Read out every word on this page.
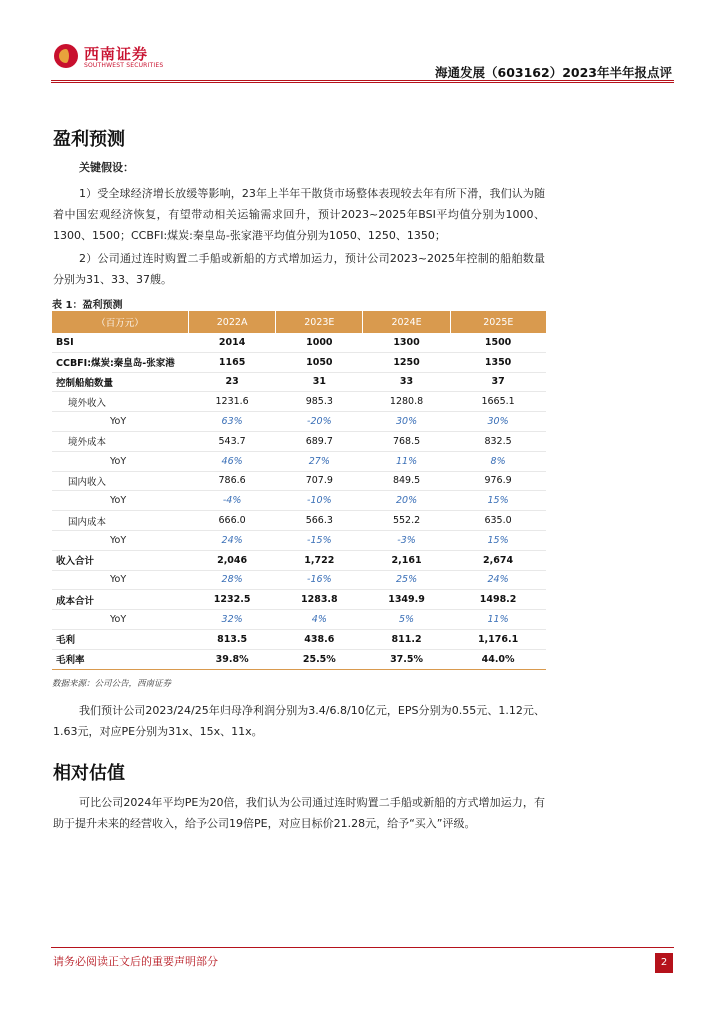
西南证券
SOUTHWEST SECURITIES	海通发展（603162）2023年半年报点评
盈利预测
关键假设：
1）受全球经济增长放缓等影响，23年上半年干散货市场整体表现较去年有所下滑，我们认为随着中国宏观经济恢复，有望带动相关运输需求回升，预计2023~2025年BSI平均值分别为1000、1300、1500；CCBFI:煤炭:秦皇岛-张家港平均值分别为1050、1250、1350；
2）公司通过连时购置二手船或新船的方式增加运力，预计公司2023~2025年控制的船舶数量分别为31、33、37艘。
表 1：盈利预测
（百万元）	2022A	2023E	2024E	2025E
BSI	2014	1000	1300	1500
CCBFI:煤炭:秦皇岛-张家港	1165	1050	1250	1350
控制船舶数量	23	31	33	37
境外收入	1231.6	985.3	1280.8	1665.1
YoY	63%	-20%	30%	30%
境外成本	543.7	689.7	768.5	832.5
YoY	46%	27%	11%	8%
国内收入	786.6	707.9	849.5	976.9
YoY	-4%	-10%	20%	15%
国内成本	666.0	566.3	552.2	635.0
YoY	24%	-15%	-3%	15%
收入合计	2,046	1,722	2,161	2,674
YoY	28%	-16%	25%	24%
成本合计	1232.5	1283.8	1349.9	1498.2
YoY	32%	4%	5%	11%
毛利	813.5	438.6	811.2	1,176.1
毛利率	39.8%	25.5%	37.5%	44.0%
数据来源：公司公告，西南证券
我们预计公司2023/24/25年归母净利润分别为3.4/6.8/10亿元，EPS分别为0.55元、1.12元、1.63元，对应PE分别为31x、15x、11x。
相对估值
可比公司2024年平均PE为20倍，我们认为公司通过连时购置二手船或新船的方式增加运力，有助于提升未来的经营收入，给予公司19倍PE，对应目标价21.28元，给予“买入”评级。
请务必阅读正文后的重要声明部分	2
